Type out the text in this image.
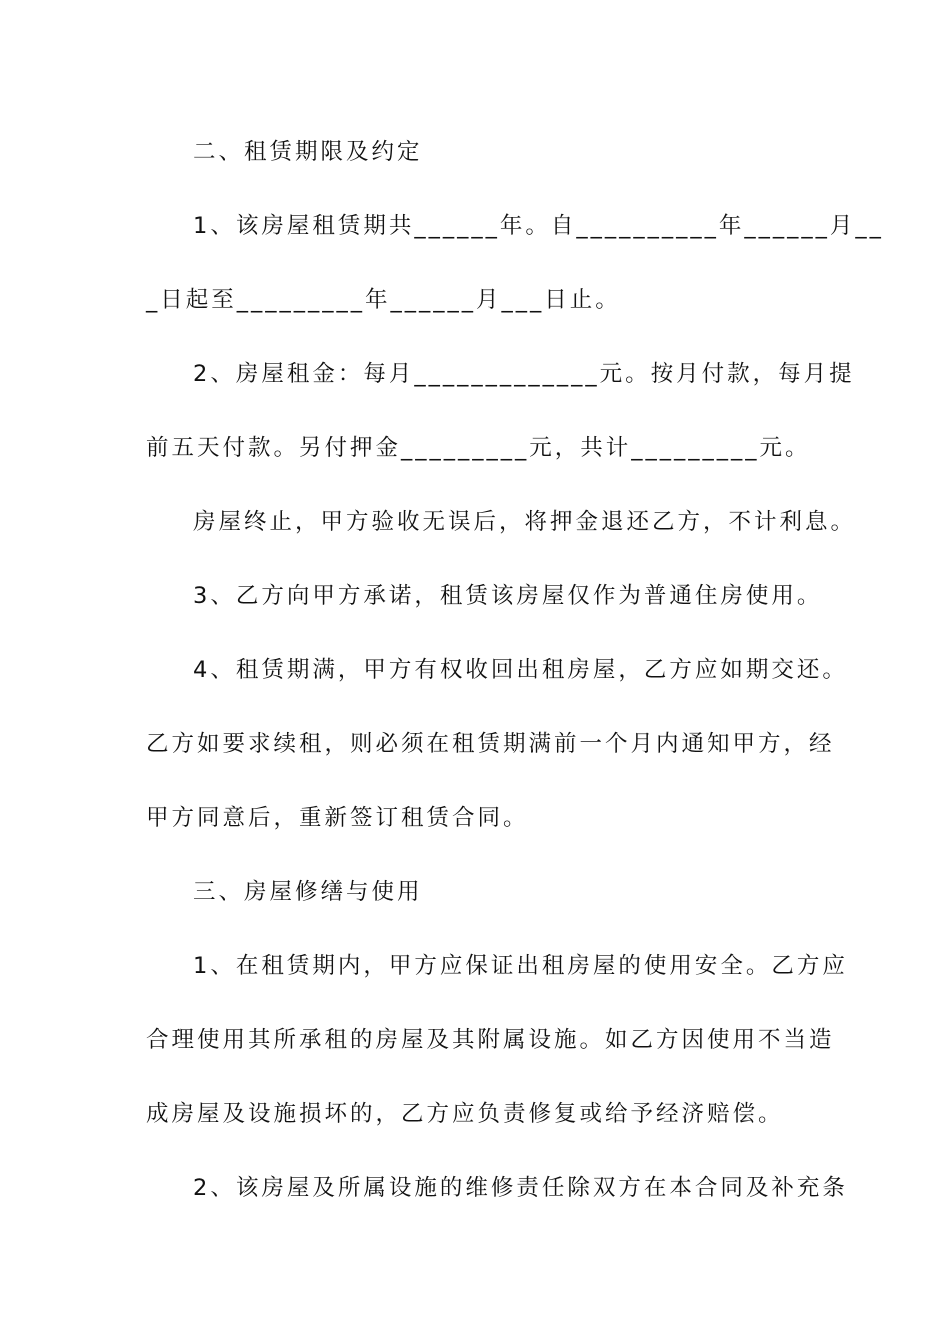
二、租赁期限及约定

1、该房屋租赁期共______年。自__________年______月__

_日起至_________年______月___日止。

2、房屋租金：每月_____________元。按月付款，每月提

前五天付款。另付押金_________元，共计_________元。

房屋终止，甲方验收无误后，将押金退还乙方，不计利息。

3、乙方向甲方承诺，租赁该房屋仅作为普通住房使用。

4、租赁期满，甲方有权收回出租房屋，乙方应如期交还。

乙方如要求续租，则必须在租赁期满前一个月内通知甲方，经

甲方同意后，重新签订租赁合同。

三、房屋修缮与使用

1、在租赁期内，甲方应保证出租房屋的使用安全。乙方应

合理使用其所承租的房屋及其附属设施。如乙方因使用不当造

成房屋及设施损坏的，乙方应负责修复或给予经济赔偿。

2、该房屋及所属设施的维修责任除双方在本合同及补充条
